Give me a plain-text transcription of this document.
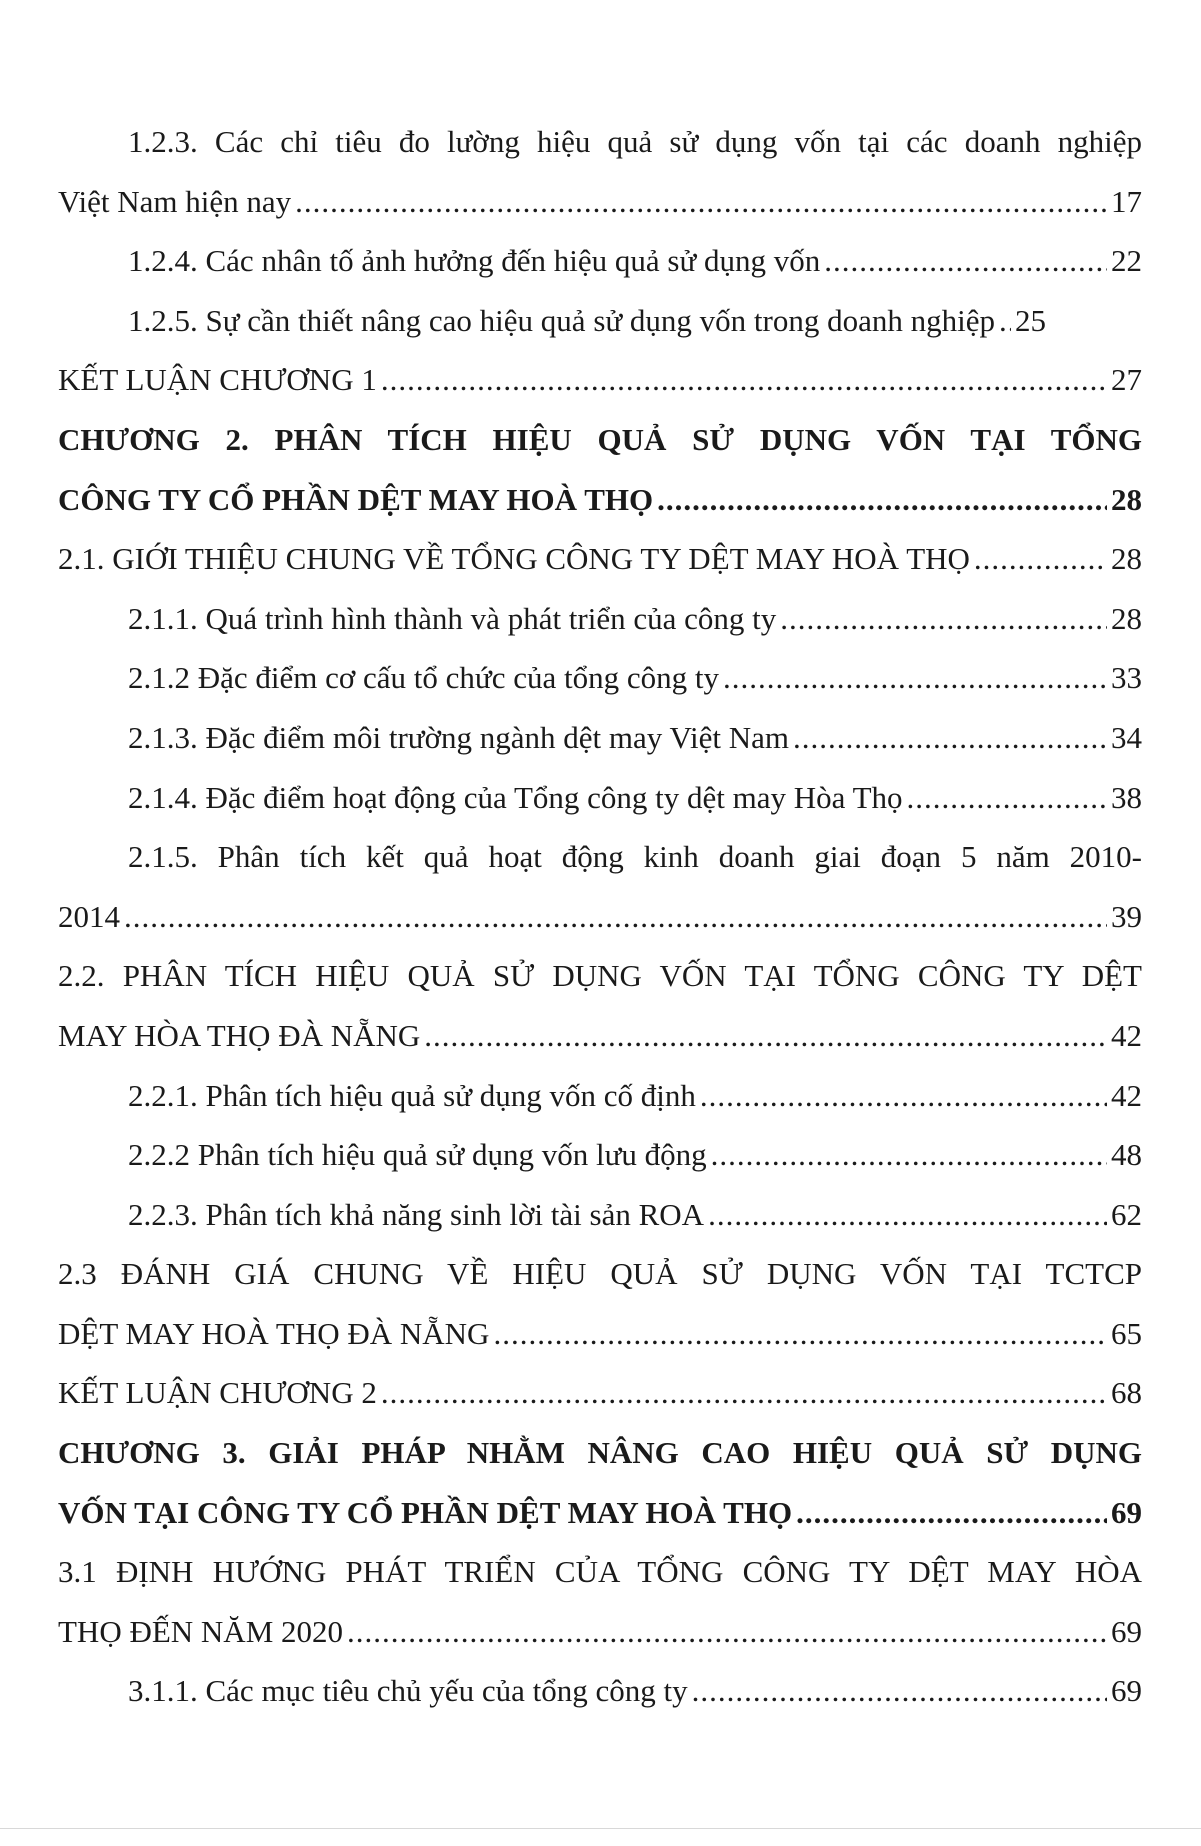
1.2.3. Các chỉ tiêu đo lường hiệu quả sử dụng vốn tại các doanh nghiệp
Việt Nam hiện nay .....	17
1.2.4. Các nhân tố ảnh hưởng đến hiệu quả sử dụng vốn .....	22
1.2.5. Sự cần thiết nâng cao hiệu quả sử dụng vốn trong doanh nghiệp ..... 25
KẾT LUẬN CHƯƠNG 1 .....	27
CHƯƠNG 2. PHÂN TÍCH HIỆU QUẢ SỬ DỤNG VỐN TẠI TỔNG
CÔNG TY CỔ PHẦN DỆT MAY HOÀ THỌ .....	28
2.1. GIỚI THIỆU CHUNG VỀ TỔNG CÔNG TY DỆT MAY HOÀ THỌ .....	28
2.1.1. Quá trình hình thành và phát triển của công ty .....	28
2.1.2 Đặc điểm cơ cấu tổ chức của tổng công ty .....	33
2.1.3. Đặc điểm môi trường ngành dệt may Việt Nam .....	34
2.1.4. Đặc điểm hoạt động của Tổng công ty dệt may Hòa Thọ .....	38
2.1.5. Phân tích kết quả hoạt động kinh doanh giai đoạn 5 năm 2010-
2014 .....	39
2.2. PHÂN TÍCH HIỆU QUẢ SỬ DỤNG VỐN TẠI TỔNG CÔNG TY DỆT
MAY HÒA THỌ ĐÀ NẴNG .....	42
2.2.1. Phân tích hiệu quả sử dụng vốn cố định .....	42
2.2.2 Phân tích hiệu quả sử dụng vốn lưu động .....	48
2.2.3. Phân tích khả năng sinh lời tài sản ROA .....	62
2.3 ĐÁNH GIÁ CHUNG VỀ HIỆU QUẢ SỬ DỤNG VỐN TẠI TCTCP
DỆT MAY HOÀ THỌ ĐÀ NẴNG .....	65
KẾT LUẬN CHƯƠNG 2 .....	68
CHƯƠNG 3. GIẢI PHÁP NHẰM NÂNG CAO HIỆU QUẢ SỬ DỤNG
VỐN TẠI CÔNG TY CỔ PHẦN DỆT MAY HOÀ THỌ .....	69
3.1 ĐỊNH HƯỚNG PHÁT TRIỂN CỦA TỔNG CÔNG TY DỆT MAY HÒA
THỌ ĐẾN NĂM 2020 .....	69
3.1.1. Các mục tiêu chủ yếu của tổng công ty .....	69
